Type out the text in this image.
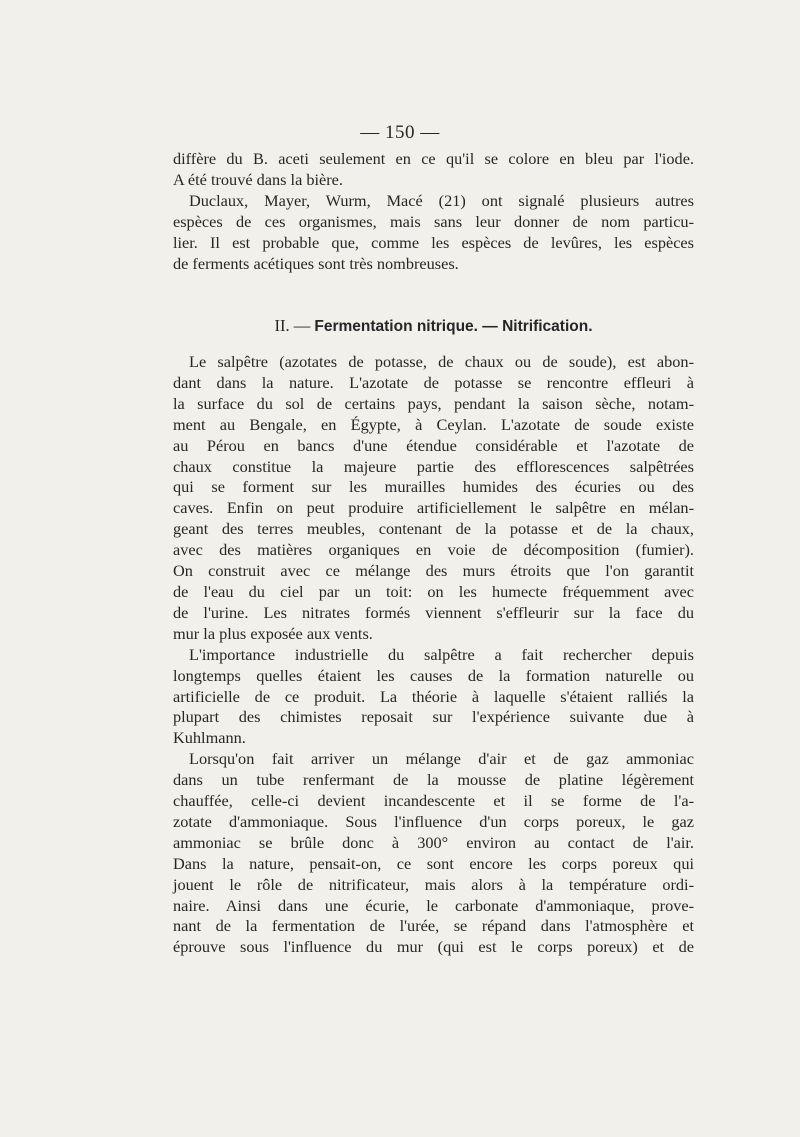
— 150 —

diffère du B. aceti seulement en ce qu'il se colore en bleu par l'iode.
A été trouvé dans la bière.

Duclaux, Mayer, Wurm, Macé (21) ont signalé plusieurs autres
espèces de ces organismes, mais sans leur donner de nom particu-
lier. Il est probable que, comme les espèces de levûres, les espèces
de ferments acétiques sont très nombreuses.

II. — Fermentation nitrique. — Nitrification.

Le salpêtre (azotates de potasse, de chaux ou de soude), est abon-
dant dans la nature. L'azotate de potasse se rencontre effleuri à
la surface du sol de certains pays, pendant la saison sèche, notam-
ment au Bengale, en Égypte, à Ceylan. L'azotate de soude existe
au Pérou en bancs d'une étendue considérable et l'azotate de
chaux constitue la majeure partie des efflorescences salpêtrées
qui se forment sur les murailles humides des écuries ou des
caves. Enfin on peut produire artificiellement le salpêtre en mélan-
geant des terres meubles, contenant de la potasse et de la chaux,
avec des matières organiques en voie de décomposition (fumier).
On construit avec ce mélange des murs étroits que l'on garantit
de l'eau du ciel par un toit: on les humecte fréquemment avec
de l'urine. Les nitrates formés viennent s'effleurir sur la face du
mur la plus exposée aux vents.

L'importance industrielle du salpêtre a fait rechercher depuis
longtemps quelles étaient les causes de la formation naturelle ou
artificielle de ce produit. La théorie à laquelle s'étaient ralliés la
plupart des chimistes reposait sur l'expérience suivante due à
Kuhlmann.

Lorsqu'on fait arriver un mélange d'air et de gaz ammoniac
dans un tube renfermant de la mousse de platine légèrement
chauffée, celle-ci devient incandescente et il se forme de l'a-
zotate d'ammoniaque. Sous l'influence d'un corps poreux, le gaz
ammoniac se brûle donc à 300° environ au contact de l'air.
Dans la nature, pensait-on, ce sont encore les corps poreux qui
jouent le rôle de nitrificateur, mais alors à la température ordi-
naire. Ainsi dans une écurie, le carbonate d'ammoniaque, prove-
nant de la fermentation de l'urée, se répand dans l'atmosphère et
éprouve sous l'influence du mur (qui est le corps poreux) et de
